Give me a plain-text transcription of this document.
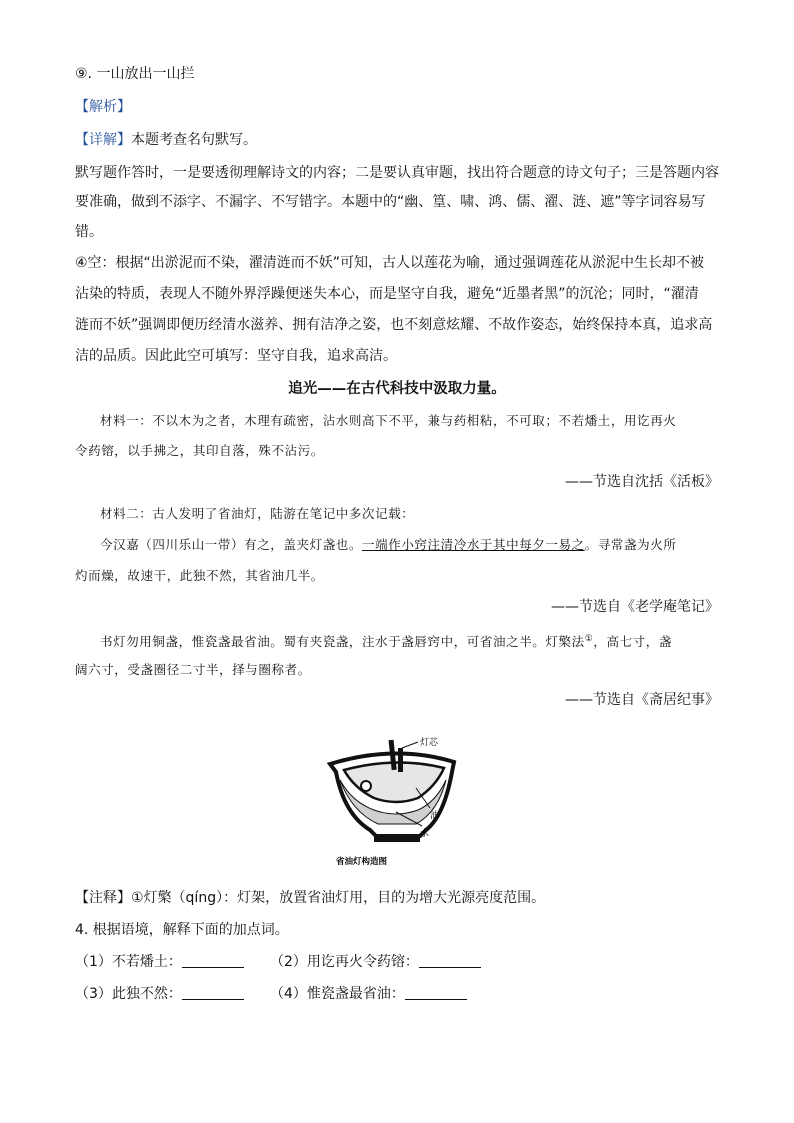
⑨. 一山放出一山拦
【解析】
【详解】本题考查名句默写。
默写题作答时，一是要透彻理解诗文的内容；二是要认真审题，找出符合题意的诗文句子；三是答题内容
要准确，做到不添字、不漏字、不写错字。本题中的“幽、篁、啸、鸿、儒、濯、涟、遮”等字词容易写
错。
④空：根据“出淤泥而不染，濯清涟而不妖”可知，古人以莲花为喻，通过强调莲花从淤泥中生长却不被
沾染的特质，表现人不随外界浮躁便迷失本心，而是坚守自我，避免“近墨者黑”的沉沦；同时，“濯清
涟而不妖”强调即便历经清水滋养、拥有洁净之姿，也不刻意炫耀、不故作姿态，始终保持本真，追求高
洁的品质。因此此空可填写：坚守自我，追求高洁。
追光——在古代科技中汲取力量。
材料一：不以木为之者，木理有疏密，沾水则高下不平，兼与药相粘，不可取；不若燔土，用讫再火
令药镕，以手拂之，其印自落，殊不沾污。
——节选自沈括《活板》
材料二：古人发明了省油灯，陆游在笔记中多次记载：
今汉嘉（四川乐山一带）有之，盖夹灯盏也。一端作小窍注清冷水于其中每夕一易之。寻常盏为火所
灼而燥，故速干，此独不然，其省油几半。
——节选自《老学庵笔记》
书灯勿用铜盏，惟瓷盏最省油。蜀有夹瓷盏，注水于盏唇窍中，可省油之半。灯檠法①，高七寸，盏
阔六寸，受盏圈径二寸半，择与圈称者。
——节选自《斋居纪事》
灯芯
油
水
省油灯构造图
【注释】①灯檠（qíng）：灯架，放置省油灯用，目的为增大光源亮度范围。
4. 根据语境，解释下面的加点词。
（1）不若燔土：	（2）用讫再火令药镕：
（3）此独不然：	（4）惟瓷盏最省油：
